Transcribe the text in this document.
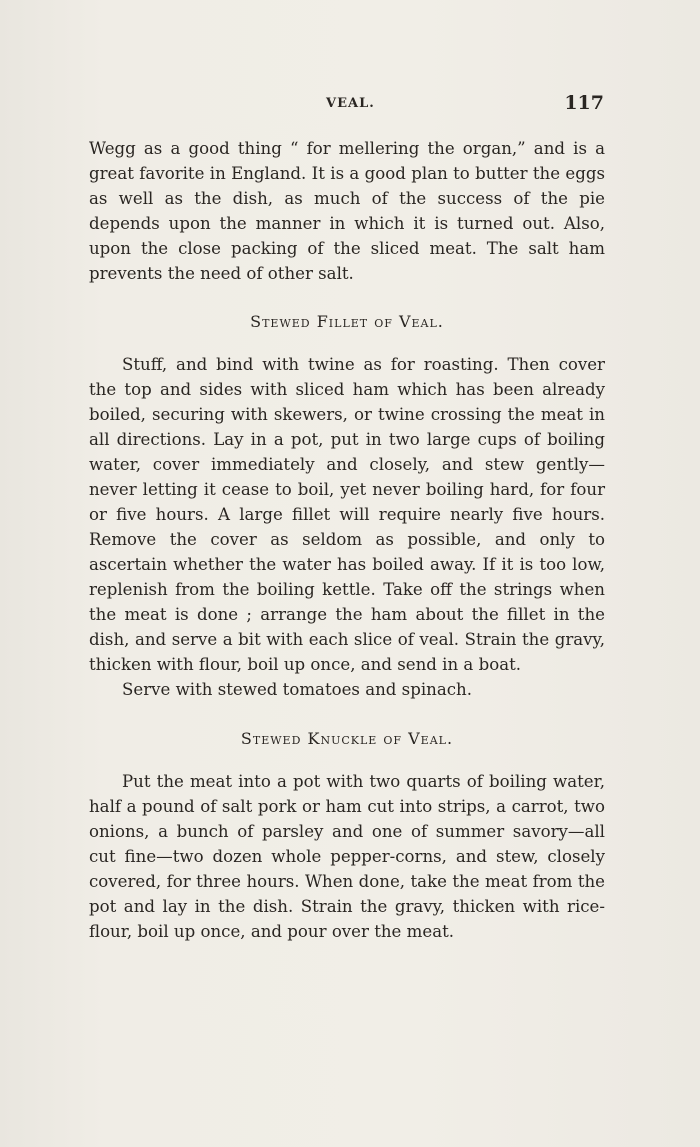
VEAL.	117

Wegg as a good thing “ for mellering the organ,” and is a great favorite in England. It is a good plan to butter the eggs as well as the dish, as much of the success of the pie depends upon the manner in which it is turned out. Also, upon the close packing of the sliced meat. The salt ham prevents the need of other salt.

Stewed Fillet of Veal.

Stuff, and bind with twine as for roasting. Then cover the top and sides with sliced ham which has been already boiled, securing with skewers, or twine crossing the meat in all directions. Lay in a pot, put in two large cups of boiling water, cover immediately and closely, and stew gently—never letting it cease to boil, yet never boiling hard, for four or five hours. A large fillet will require nearly five hours. Remove the cover as seldom as possible, and only to ascertain whether the water has boiled away. If it is too low, replenish from the boiling kettle. Take off the strings when the meat is done ; arrange the ham about the fillet in the dish, and serve a bit with each slice of veal. Strain the gravy, thicken with flour, boil up once, and send in a boat.

Serve with stewed tomatoes and spinach.

Stewed Knuckle of Veal.

Put the meat into a pot with two quarts of boiling water, half a pound of salt pork or ham cut into strips, a carrot, two onions, a bunch of parsley and one of summer savory—all cut fine—two dozen whole pepper-corns, and stew, closely covered, for three hours. When done, take the meat from the pot and lay in the dish. Strain the gravy, thicken with rice-flour, boil up once, and pour over the meat.
